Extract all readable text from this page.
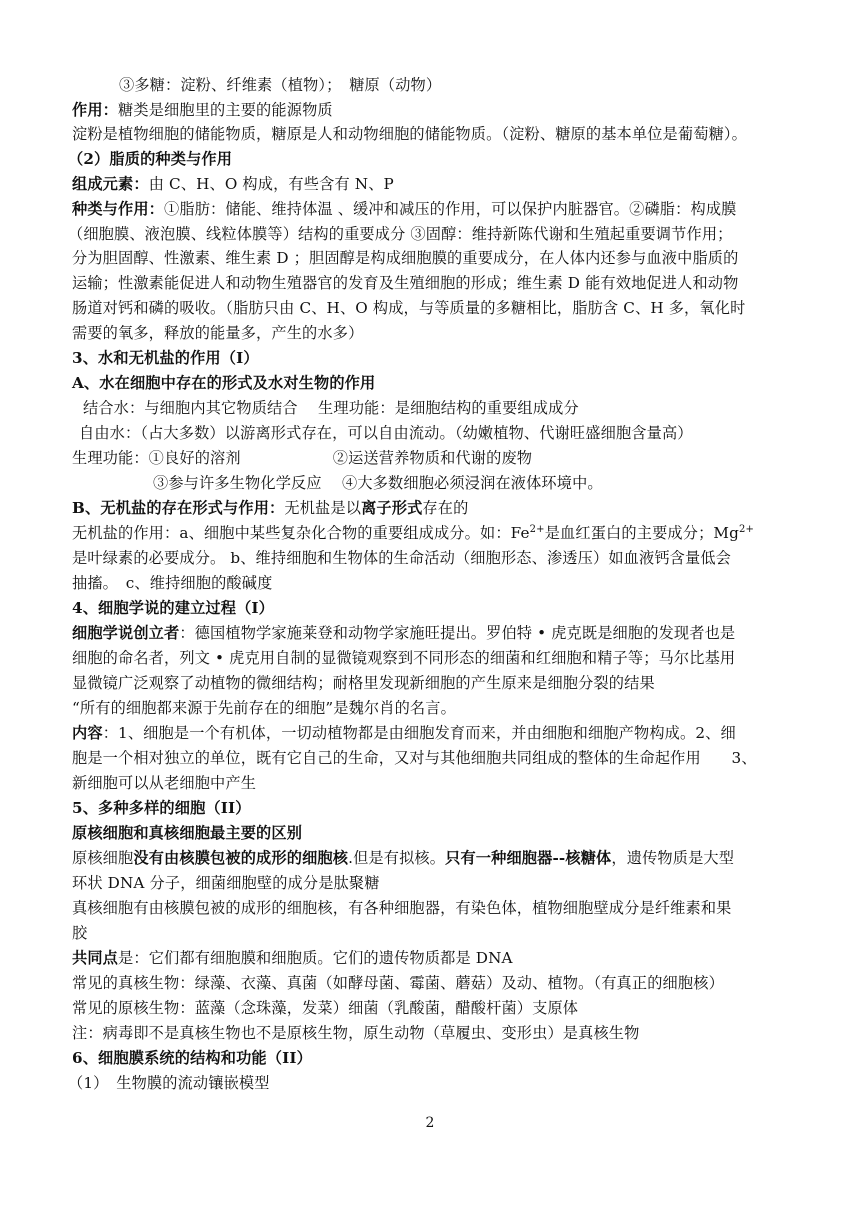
③多糖：淀粉、纤维素（植物）；　糖原（动物）
作用：糖类是细胞里的主要的能源物质
淀粉是植物细胞的储能物质，糖原是人和动物细胞的储能物质。（淀粉、糖原的基本单位是葡萄糖）。
（2）脂质的种类与作用
组成元素：由 C、H、O 构成，有些含有 N、P
种类与作用：①脂肪：储能、维持体温 、缓冲和减压的作用，可以保护内脏器官。②磷脂：构成膜
（细胞膜、液泡膜、线粒体膜等）结构的重要成分 ③固醇：维持新陈代谢和生殖起重要调节作用；
分为胆固醇、性激素、维生素 D ；胆固醇是构成细胞膜的重要成分，在人体内还参与血液中脂质的
运输；性激素能促进人和动物生殖器官的发育及生殖细胞的形成；维生素 D 能有效地促进人和动物
肠道对钙和磷的吸收。（脂肪只由 C、H、O 构成，与等质量的多糖相比，脂肪含 C、H 多，氧化时
需要的氧多，释放的能量多，产生的水多）
3、水和无机盐的作用（I）
A、水在细胞中存在的形式及水对生物的作用
结合水：与细胞内其它物质结合　 生理功能：是细胞结构的重要组成成分
自由水：（占大多数）以游离形式存在，可以自由流动。（幼嫩植物、代谢旺盛细胞含量高）
生理功能：①良好的溶剂　　　　　　②运送营养物质和代谢的废物
③参与许多生物化学反应　 ④大多数细胞必须浸润在液体环境中。
B、无机盐的存在形式与作用：无机盐是以离子形式存在的
无机盐的作用：a、细胞中某些复杂化合物的重要组成成分。如：$Fe^{2+}$是血红蛋白的主要成分；$Mg^{2+}$
是叶绿素的必要成分。 b、维持细胞和生物体的生命活动（细胞形态、渗透压）如血液钙含量低会
抽搐。　c、维持细胞的酸碱度
4、细胞学说的建立过程（I）
细胞学说创立者：德国植物学家施莱登和动物学家施旺提出。罗伯特 • 虎克既是细胞的发现者也是
细胞的命名者，列文 • 虎克用自制的显微镜观察到不同形态的细菌和红细胞和精子等；马尔比基用
显微镜广泛观察了动植物的微细结构；耐格里发现新细胞的产生原来是细胞分裂的结果
“所有的细胞都来源于先前存在的细胞”是魏尔肖的名言。
内容：1、细胞是一个有机体，一切动植物都是由细胞发育而来，并由细胞和细胞产物构成。2、细
胞是一个相对独立的单位，既有它自己的生命，又对与其他细胞共同组成的整体的生命起作用　　3、
新细胞可以从老细胞中产生
5、多种多样的细胞（II）
原核细胞和真核细胞最主要的区别
原核细胞没有由核膜包被的成形的细胞核.但是有拟核。只有一种细胞器--核糖体，遗传物质是大型
环状 DNA 分子，细菌细胞壁的成分是肽聚糖
真核细胞有由核膜包被的成形的细胞核，有各种细胞器，有染色体，植物细胞壁成分是纤维素和果
胶
共同点是：它们都有细胞膜和细胞质。它们的遗传物质都是 DNA
常见的真核生物：绿藻、衣藻、真菌（如酵母菌、霉菌、蘑菇）及动、植物。（有真正的细胞核）
常见的原核生物：蓝藻（念珠藻，发菜）细菌（乳酸菌，醋酸杆菌）支原体
注：病毒即不是真核生物也不是原核生物，原生动物（草履虫、变形虫）是真核生物
6、细胞膜系统的结构和功能（II）
（1）　生物膜的流动镶嵌模型
2
